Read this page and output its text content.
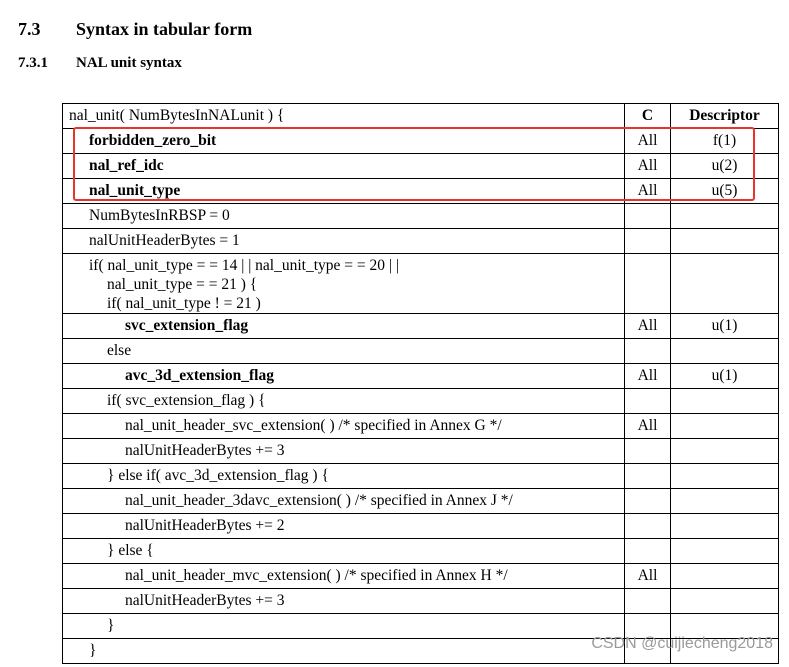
7.3 Syntax in tabular form
7.3.1 NAL unit syntax
nal_unit( NumBytesInNALunit ) {	C	Descriptor
forbidden_zero_bit	All	f(1)
nal_ref_idc	All	u(2)
nal_unit_type	All	u(5)
NumBytesInRBSP = 0		
nalUnitHeaderBytes = 1		

if( nal_unit_type = = 14 | | nal_unit_type = = 20 | |
nal_unit_type = = 21 ) {
if( nal_unit_type ! = 21 )		

svc_extension_flag	All	u(1)
else		
avc_3d_extension_flag	All	u(1)
if( svc_extension_flag ) {		
nal_unit_header_svc_extension( ) /* specified in Annex G */	All	
nalUnitHeaderBytes += 3		
} else if( avc_3d_extension_flag ) {		
nal_unit_header_3davc_extension( ) /* specified in Annex J */		
nalUnitHeaderBytes += 2		
} else {		
nal_unit_header_mvc_extension( ) /* specified in Annex H */	All	
nalUnitHeaderBytes += 3		
}		
}			CSDN @cuijiecheng2018
